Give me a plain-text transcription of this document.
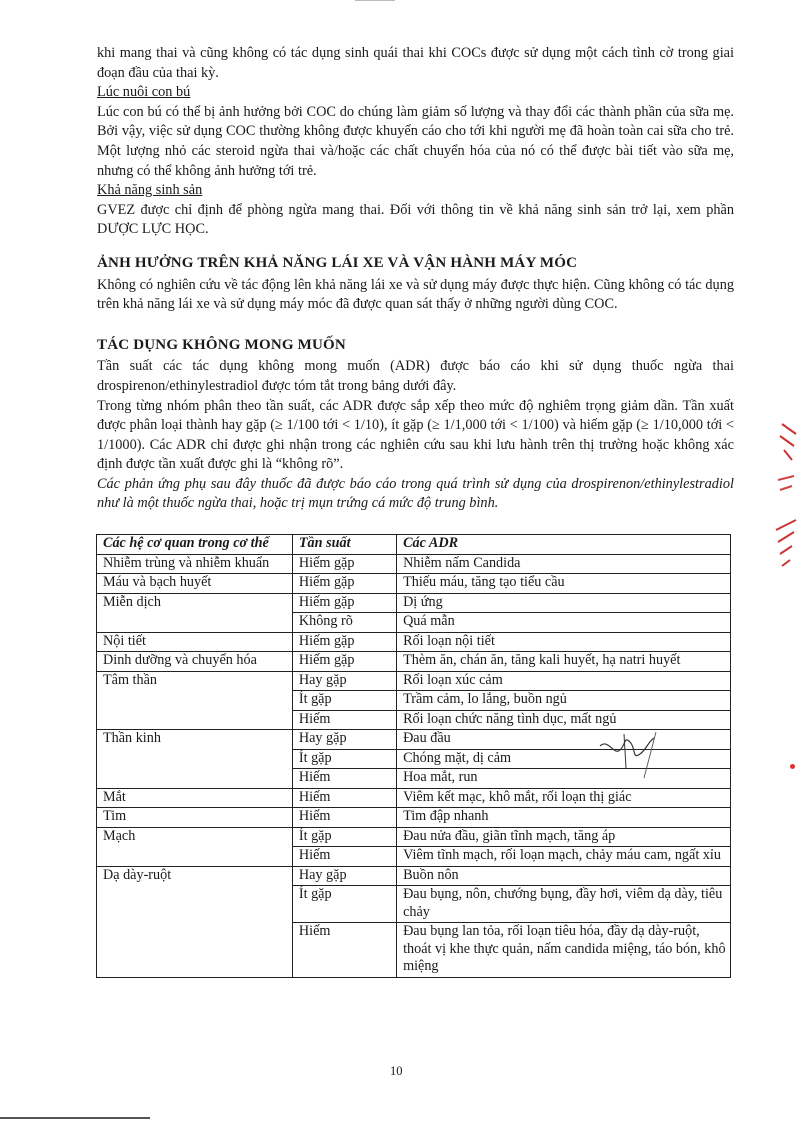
khi mang thai và cũng không có tác dụng sinh quái thai khi COCs được sử dụng một cách tình cờ trong giai đoạn đầu của thai kỳ.

Lúc nuôi con bú

Lúc con bú có thể bị ảnh hưởng bởi COC do chúng làm giảm số lượng và thay đổi các thành phần của sữa mẹ. Bởi vậy, việc sử dụng COC thường không được khuyến cáo cho tới khi người mẹ đã hoàn toàn cai sữa cho trẻ. Một lượng nhỏ các steroid ngừa thai và/hoặc các chất chuyển hóa của nó có thể được bài tiết vào sữa mẹ, nhưng có thể không ảnh hưởng tới trẻ.

Khả năng sinh sản

GVEZ được chỉ định để phòng ngừa mang thai. Đối với thông tin về khả năng sinh sản trở lại, xem phần DƯỢC LỰC HỌC.

ẢNH HƯỞNG TRÊN KHẢ NĂNG LÁI XE VÀ VẬN HÀNH MÁY MÓC

Không có nghiên cứu về tác động lên khả năng lái xe và sử dụng máy được thực hiện. Cũng không có tác dụng trên khả năng lái xe và sử dụng máy móc đã được quan sát thấy ở những người dùng COC.

TÁC DỤNG KHÔNG MONG MUỐN

Tần suất các tác dụng không mong muốn (ADR) được báo cáo khi sử dụng thuốc ngừa thai drospirenon/ethinylestradiol được tóm tắt trong bảng dưới đây.

Trong từng nhóm phân theo tần suất, các ADR được sắp xếp theo mức độ nghiêm trọng giảm dần. Tần xuất được phân loại thành hay gặp (≥ 1/100 tới < 1/10), ít gặp (≥ 1/1,000 tới < 1/100) và hiếm gặp (≥ 1/10,000 tới < 1/1000). Các ADR chỉ được ghi nhận trong các nghiên cứu sau khi lưu hành trên thị trường hoặc không xác định được tần xuất được ghi là “không rõ”.

Các phản ứng phụ sau đây thuốc đã được báo cáo trong quá trình sử dụng của drospirenon/ethinylestradiol như là một thuốc ngừa thai, hoặc trị mụn trứng cá mức độ trung bình.

Các hệ cơ quan trong cơ thể	Tần suất	Các ADR
Nhiễm trùng và nhiễm khuẩn	Hiếm gặp	Nhiễm nấm Candida
Máu và bạch huyết	Hiếm gặp	Thiếu máu, tăng tạo tiểu cầu
Miễn dịch	Hiếm gặp	Dị ứng
	Không rõ	Quá mẫn
Nội tiết	Hiếm gặp	Rối loạn nội tiết
Dinh dưỡng và chuyển hóa	Hiếm gặp	Thèm ăn, chán ăn, tăng kali huyết, hạ natri huyết
Tâm thần	Hay gặp	Rối loạn xúc cảm
	Ít gặp	Trầm cảm, lo lắng, buồn ngủ
	Hiếm	Rối loạn chức năng tình dục, mất ngủ
Thần kinh	Hay gặp	Đau đầu
	Ít gặp	Chóng mặt, dị cảm
	Hiếm	Hoa mắt, run
Mắt	Hiếm	Viêm kết mạc, khô mắt, rối loạn thị giác
Tim	Hiếm	Tim đập nhanh
Mạch	Ít gặp	Đau nửa đầu, giãn tĩnh mạch, tăng áp
	Hiếm	Viêm tĩnh mạch, rối loạn mạch, chảy máu cam, ngất xỉu
Dạ dày-ruột	Hay gặp	Buồn nôn
	Ít gặp	Đau bụng, nôn, chướng bụng, đầy hơi, viêm dạ dày, tiêu chảy
	Hiếm	Đau bụng lan tỏa, rối loạn tiêu hóa, đầy dạ dày-ruột, thoát vị khe thực quản, nấm candida miệng, táo bón, khô miệng
10
